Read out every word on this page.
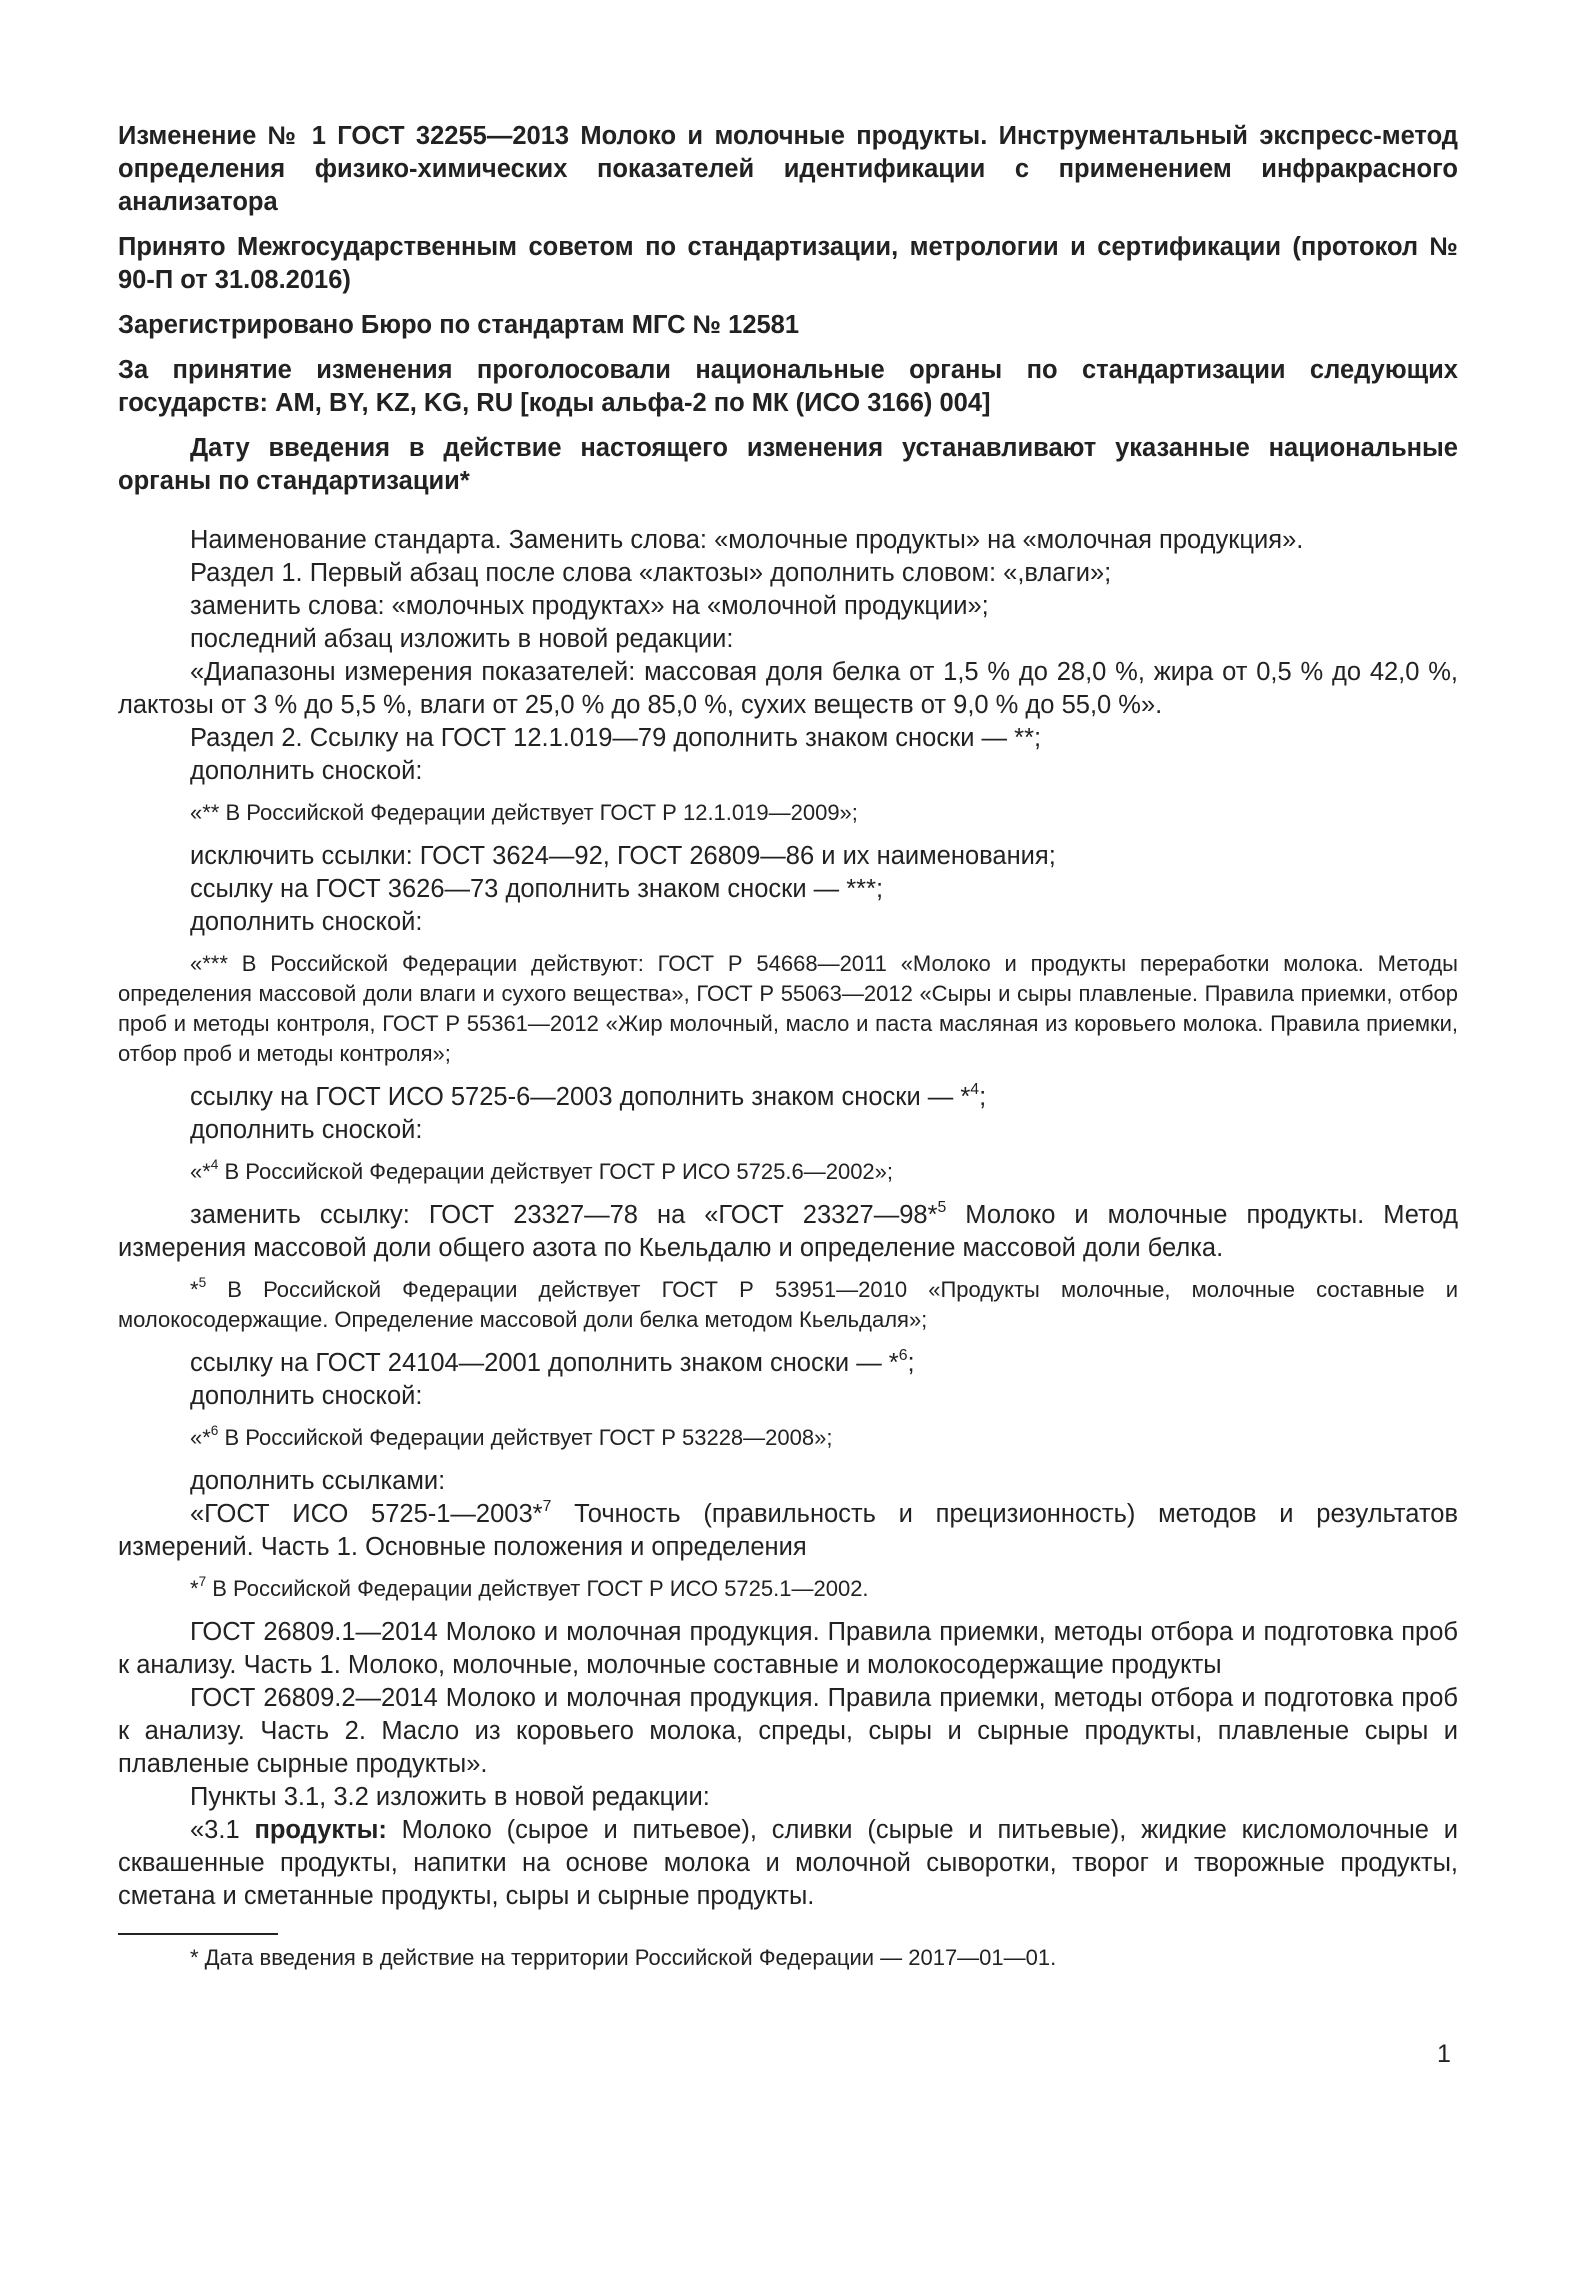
Изменение № 1 ГОСТ 32255—2013 Молоко и молочные продукты. Инструментальный экспресс-метод определения физико-химических показателей идентификации с применением инфракрасного анализатора

Принято Межгосударственным советом по стандартизации, метрологии и сертификации (протокол № 90-П от 31.08.2016)

Зарегистрировано Бюро по стандартам МГС № 12581

За принятие изменения проголосовали национальные органы по стандартизации следующих государств: AM, BY, KZ, KG, RU [коды альфа-2 по МК (ИСО 3166) 004]

Дату введения в действие настоящего изменения устанавливают указанные национальные органы по стандартизации*

Наименование стандарта. Заменить слова: «молочные продукты» на «молочная продукция».

Раздел 1. Первый абзац после слова «лактозы» дополнить словом: «,влаги»;

заменить слова: «молочных продуктах» на «молочной продукции»;

последний абзац изложить в новой редакции:

«Диапазоны измерения показателей: массовая доля белка от 1,5 % до 28,0 %, жира от 0,5 % до 42,0 %, лактозы от 3 % до 5,5 %, влаги от 25,0 % до 85,0 %, сухих веществ от 9,0 % до 55,0 %».

Раздел 2. Ссылку на ГОСТ 12.1.019—79 дополнить знаком сноски — **;

дополнить сноской:

«** В Российской Федерации действует ГОСТ Р 12.1.019—2009»;

исключить ссылки: ГОСТ 3624—92, ГОСТ 26809—86 и их наименования;

ссылку на ГОСТ 3626—73 дополнить знаком сноски — ***;

дополнить сноской:

«*** В Российской Федерации действуют: ГОСТ Р 54668—2011 «Молоко и продукты переработки молока. Методы определения массовой доли влаги и сухого вещества», ГОСТ Р 55063—2012 «Сыры и сыры плавленые. Правила приемки, отбор проб и методы контроля, ГОСТ Р 55361—2012 «Жир молочный, масло и паста масляная из коровьего молока. Правила приемки, отбор проб и методы контроля»;

ссылку на ГОСТ ИСО 5725-6—2003 дополнить знаком сноски — *$^4$;

дополнить сноской:

«*$^4$ В Российской Федерации действует ГОСТ Р ИСО 5725.6—2002»;

заменить ссылку: ГОСТ 23327—78 на «ГОСТ 23327—98*$^5$ Молоко и молочные продукты. Метод измерения массовой доли общего азота по Кьельдалю и определение массовой доли белка.

*$^5$ В Российской Федерации действует ГОСТ Р 53951—2010 «Продукты молочные, молочные составные и молокосодержащие. Определение массовой доли белка методом Кьельдаля»;

ссылку на ГОСТ 24104—2001 дополнить знаком сноски — *$^6$;

дополнить сноской:

«*$^6$ В Российской Федерации действует ГОСТ Р 53228—2008»;

дополнить ссылками:

«ГОСТ ИСО 5725-1—2003*$^7$ Точность (правильность и прецизионность) методов и результатов измерений. Часть 1. Основные положения и определения

*$^7$ В Российской Федерации действует ГОСТ Р ИСО 5725.1—2002.

ГОСТ 26809.1—2014 Молоко и молочная продукция. Правила приемки, методы отбора и подготовка проб к анализу. Часть 1. Молоко, молочные, молочные составные и молокосодержащие продукты

ГОСТ 26809.2—2014 Молоко и молочная продукция. Правила приемки, методы отбора и подготовка проб к анализу. Часть 2. Масло из коровьего молока, спреды, сыры и сырные продукты, плавленые сыры и плавленые сырные продукты».

Пункты 3.1, 3.2 изложить в новой редакции:

«3.1 продукты: Молоко (сырое и питьевое), сливки (сырые и питьевые), жидкие кисломолочные и сквашенные продукты, напитки на основе молока и молочной сыворотки, творог и творожные продукты, сметана и сметанные продукты, сыры и сырные продукты.

* Дата введения в действие на территории Российской Федерации — 2017—01—01.

1
